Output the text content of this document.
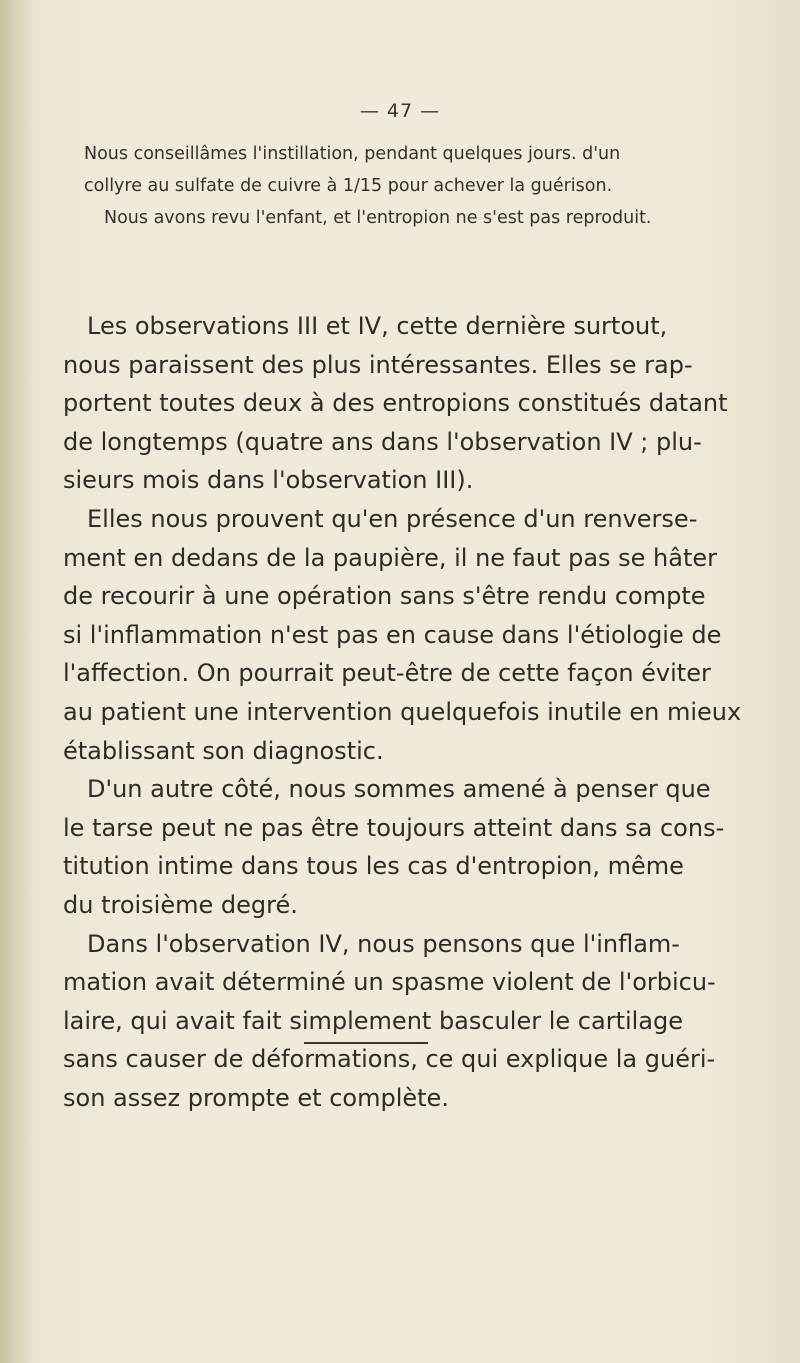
— 47 —

Nous conseillâmes l'instillation, pendant quelques jours. d'un

collyre au sulfate de cuivre à 1/15 pour achever la guérison.

Nous avons revu l'enfant, et l'entropion ne s'est pas reproduit.

Les observations III et IV, cette dernière surtout,
nous paraissent des plus intéressantes. Elles se rap-
portent toutes deux à des entropions constitués datant
de longtemps (quatre ans dans l'observation IV ; plu-
sieurs mois dans l'observation III).
Elles nous prouvent qu'en présence d'un renverse-
ment en dedans de la paupière, il ne faut pas se hâter
de recourir à une opération sans s'être rendu compte
si l'inflammation n'est pas en cause dans l'étiologie de
l'affection. On pourrait peut-être de cette façon éviter
au patient une intervention quelquefois inutile en mieux
établissant son diagnostic.
D'un autre côté, nous sommes amené à penser que
le tarse peut ne pas être toujours atteint dans sa cons-
titution intime dans tous les cas d'entropion, même
du troisième degré.
Dans l'observation IV, nous pensons que l'inflam-
mation avait déterminé un spasme violent de l'orbicu-
laire, qui avait fait simplement basculer le cartilage
sans causer de déformations, ce qui explique la guéri-
son assez prompte et complète.
